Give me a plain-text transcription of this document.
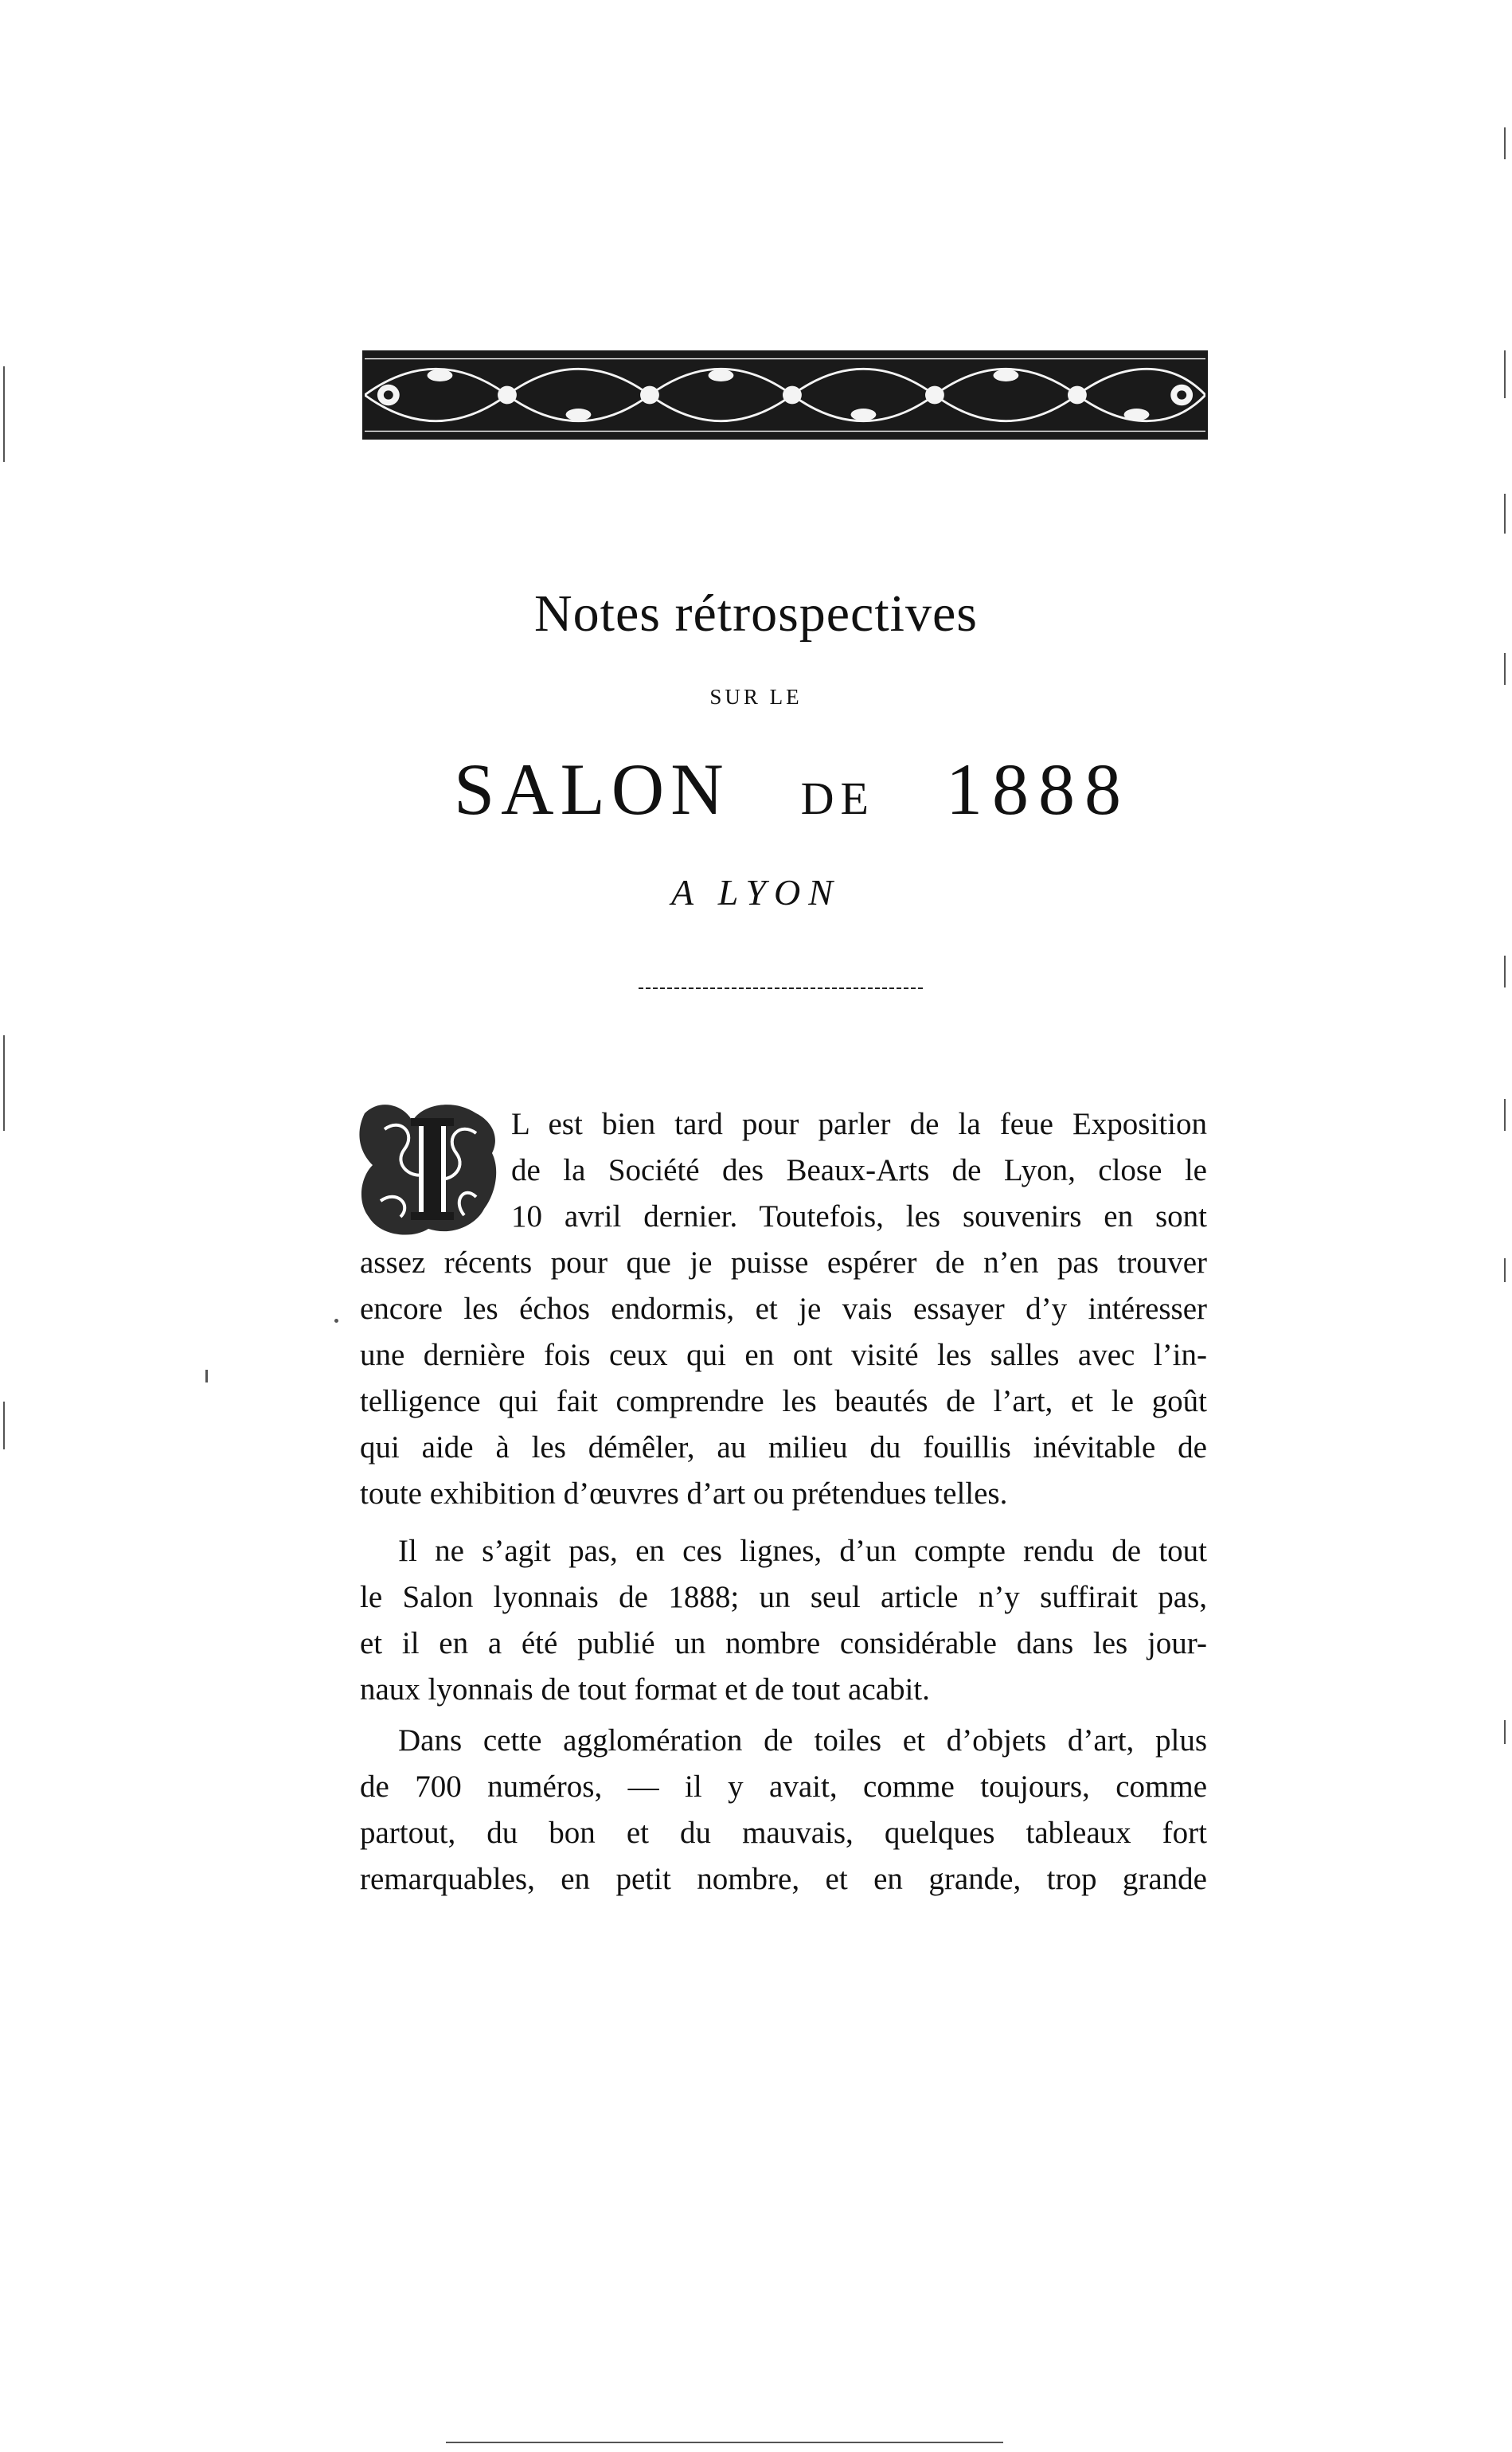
Notes rétrospectives
SUR LE
SALON DE 1888
A LYON
I
L est bien tard pour parler de la feue Exposition
de la Société des Beaux-Arts de Lyon, close le
10 avril dernier. Toutefois, les souvenirs en sont
assez récents pour que je puisse espérer de n’en pas trouver
encore les échos endormis, et je vais essayer d’y intéresser
une dernière fois ceux qui en ont visité les salles avec l’in-
telligence qui fait comprendre les beautés de l’art, et le goût
qui aide à les démêler, au milieu du fouillis inévitable de
toute exhibition d’œuvres d’art ou prétendues telles.
Il ne s’agit pas, en ces lignes, d’un compte rendu de tout
le Salon lyonnais de 1888; un seul article n’y suffirait pas,
et il en a été publié un nombre considérable dans les jour-
naux lyonnais de tout format et de tout acabit.
Dans cette agglomération de toiles et d’objets d’art, plus
de 700 numéros, — il y avait, comme toujours, comme
partout, du bon et du mauvais, quelques tableaux fort
remarquables, en petit nombre, et en grande, trop grande
